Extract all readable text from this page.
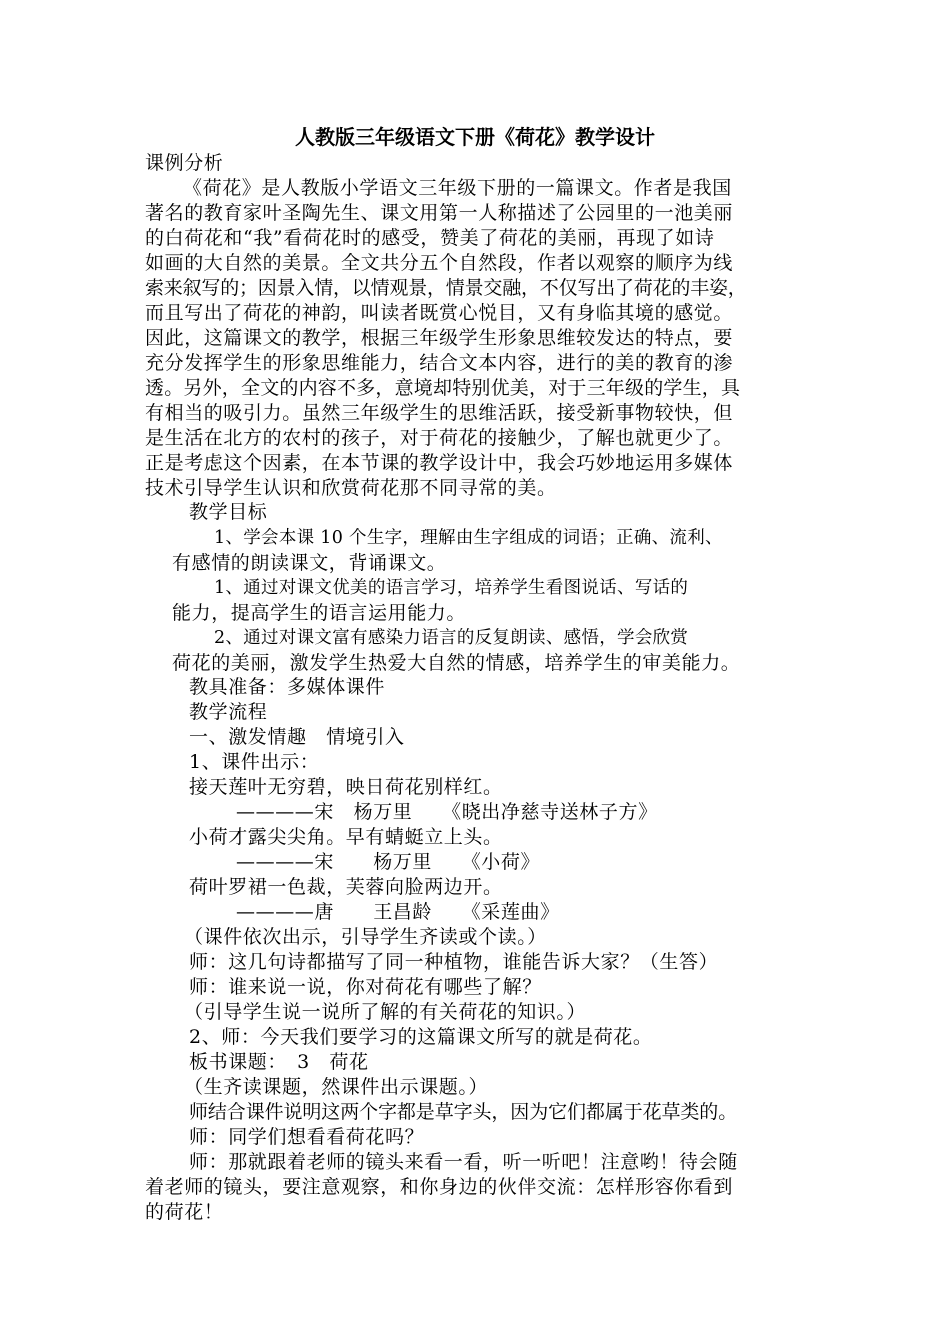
人教版三年级语文下册《荷花》教学设计
课例分析
《荷花》是人教版小学语文三年级下册的一篇课文。作者是我国
著名的教育家叶圣陶先生、课文用第一人称描述了公园里的一池美丽
的白荷花和“我”看荷花时的感受，赞美了荷花的美丽，再现了如诗
如画的大自然的美景。全文共分五个自然段，作者以观察的顺序为线
索来叙写的；因景入情，以情观景，情景交融，不仅写出了荷花的丰姿，
而且写出了荷花的神韵，叫读者既赏心悦目，又有身临其境的感觉。
因此，这篇课文的教学，根据三年级学生形象思维较发达的特点，要
充分发挥学生的形象思维能力，结合文本内容，进行的美的教育的渗
透。另外，全文的内容不多，意境却特别优美，对于三年级的学生，具
有相当的吸引力。虽然三年级学生的思维活跃，接受新事物较快，但
是生活在北方的农村的孩子，对于荷花的接触少，了解也就更少了。
正是考虑这个因素，在本节课的教学设计中，我会巧妙地运用多媒体
技术引导学生认识和欣赏荷花那不同寻常的美。
教学目标
1、学会本课 10 个生字，理解由生字组成的词语；正确、流利、
有感情的朗读课文，背诵课文。
1、通过对课文优美的语言学习，培养学生看图说话、写话的
能力，提高学生的语言运用能力。
2、通过对课文富有感染力语言的反复朗读、感悟，学会欣赏
荷花的美丽，激发学生热爱大自然的情感，培养学生的审美能力。
教具准备：多媒体课件
教学流程
一、激发情趣　情境引入
1、课件出示：
接天莲叶无穷碧，映日荷花别样红。
————宋　杨万里　　《晓出净慈寺送林子方》
小荷才露尖尖角。早有蜻蜓立上头。
————宋　　杨万里　　《小荷》
荷叶罗裙一色裁，芙蓉向脸两边开。
————唐　　王昌龄　　《采莲曲》
（课件依次出示，引导学生齐读或个读。）
师：这几句诗都描写了同一种植物，谁能告诉大家？（生答）
师：谁来说一说，你对荷花有哪些了解？
（引导学生说一说所了解的有关荷花的知识。）
2、师：今天我们要学习的这篇课文所写的就是荷花。
板书课题：　3　荷花
（生齐读课题，然课件出示课题。）
师结合课件说明这两个字都是草字头，因为它们都属于花草类的。
师：同学们想看看荷花吗？
师：那就跟着老师的镜头来看一看，听一听吧！注意哟！待会随
着老师的镜头，要注意观察，和你身边的伙伴交流：怎样形容你看到
的荷花！
